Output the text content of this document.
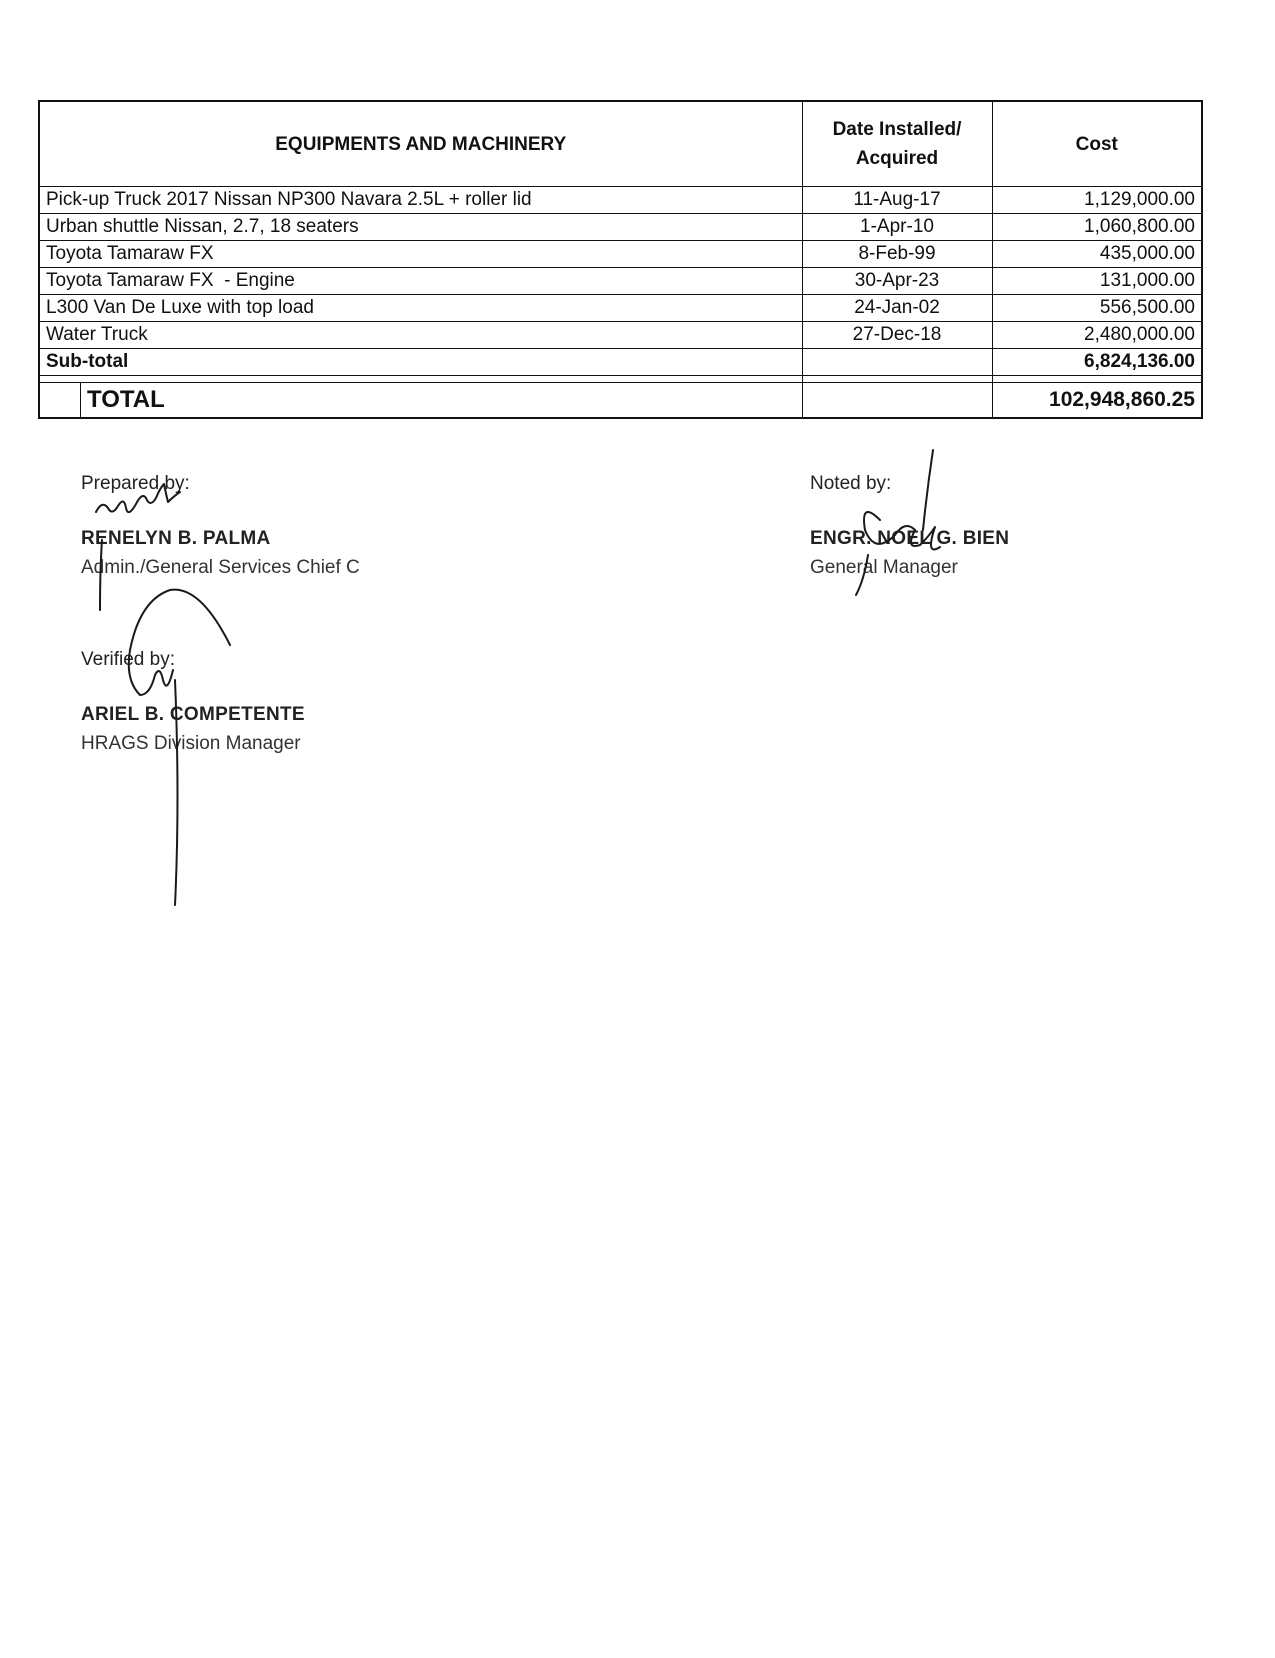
EQUIPMENTS AND MACHINERY	Date Installed/ Acquired	Cost
Pick-up Truck 2017 Nissan NP300 Navara 2.5L + roller lid	11-Aug-17	1,129,000.00
Urban shuttle Nissan, 2.7, 18 seaters	1-Apr-10	1,060,800.00
Toyota Tamaraw FX	8-Feb-99	435,000.00
Toyota Tamaraw FX  - Engine	30-Apr-23	131,000.00
L300 Van De Luxe with top load	24-Jan-02	556,500.00
Water Truck	27-Dec-18	2,480,000.00
Sub-total		6,824,136.00

TOTAL		102,948,860.25
Prepared by:
RENELYN B. PALMA
Admin./General Services Chief C
Noted by:
ENGR. NOEL G. BIEN
General Manager
Verified by:
ARIEL B. COMPETENTE
HRAGS Division Manager
